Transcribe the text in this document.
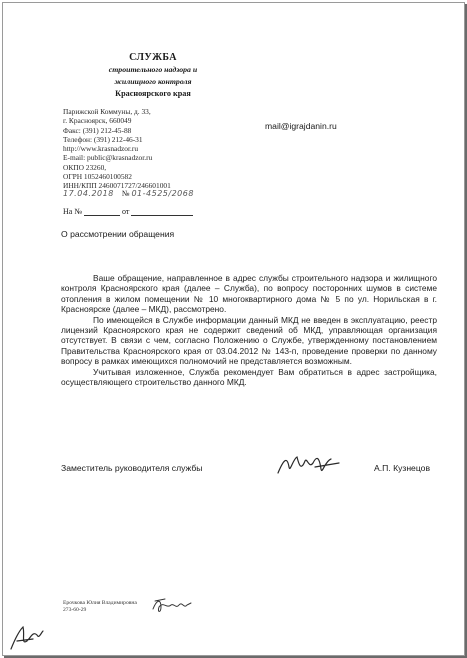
СЛУЖБА
строительного надзора и
жилищного контроля
Красноярского края
Парижской Коммуны, д. 33,
г. Красноярск, 660049
Факс: (391) 212-45-88
Телефон: (391) 212-46-31
http://www.krasnadzor.ru
E-mail: public@krasnadzor.ru
ОКПО 23260,
ОГРН 1052460100582
ИНН/КПП 2460071727/246601001
17.04.2018 № 01-4525/2068
На №	от
mail@igrajdanin.ru
О рассмотрении обращения

Ваше обращение, направленное в адрес службы строительного надзора и жилищного контроля Красноярского края (далее – Служба), по вопросу посторонних шумов в системе отопления в жилом помещении № 10 многоквартирного дома № 5 по ул. Норильская в г. Красноярске (далее – МКД), рассмотрено.

По имеющейся в Службе информации данный МКД не введен в эксплуатацию, реестр лицензий Красноярского края не содержит сведений об МКД, управляющая организация отсутствует. В связи с чем, согласно Положению о Службе, утвержденному постановлением Правительства Красноярского края от 03.04.2012 № 143-п, проведение проверки по данному вопросу в рамках имеющихся полномочий не представляется возможным.

Учитывая изложенное, Служба рекомендует Вам обратиться в адрес застройщика, осуществляющего строительство данного МКД.

Заместитель руководителя службы	А.П. Кузнецов
Ерочкова Юлия Владимировна
273-60-29
